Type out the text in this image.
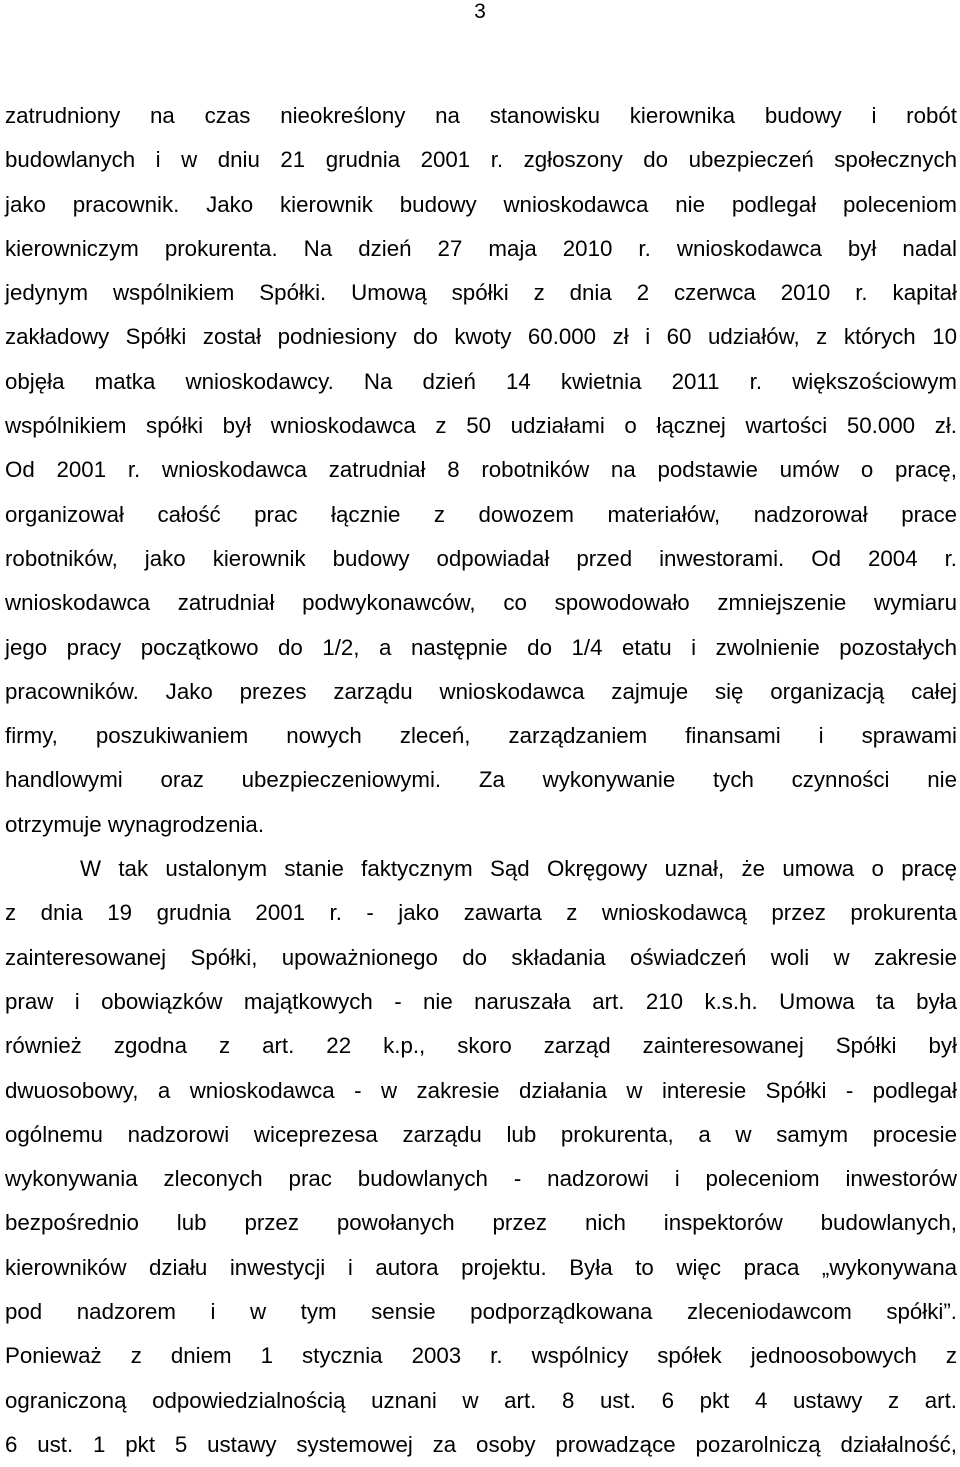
3
zatrudniony na czas nieokreślony na stanowisku kierownika budowy i robót
budowlanych i w dniu 21 grudnia 2001 r. zgłoszony do ubezpieczeń społecznych
jako pracownik. Jako kierownik budowy wnioskodawca nie podlegał poleceniom
kierowniczym prokurenta. Na dzień 27 maja 2010 r. wnioskodawca był nadal
jedynym wspólnikiem Spółki. Umową spółki z dnia 2 czerwca 2010 r. kapitał
zakładowy Spółki został podniesiony do kwoty 60.000 zł i 60 udziałów, z których 10
objęła matka wnioskodawcy. Na dzień 14 kwietnia 2011 r. większościowym
wspólnikiem spółki był wnioskodawca z 50 udziałami o łącznej wartości 50.000 zł.
Od 2001 r. wnioskodawca zatrudniał 8 robotników na podstawie umów o pracę,
organizował całość prac łącznie z dowozem materiałów, nadzorował prace
robotników, jako kierownik budowy odpowiadał przed inwestorami. Od 2004 r.
wnioskodawca zatrudniał podwykonawców, co spowodowało zmniejszenie wymiaru
jego pracy początkowo do 1/2, a następnie do 1/4 etatu i zwolnienie pozostałych
pracowników. Jako prezes zarządu wnioskodawca zajmuje się organizacją całej
firmy, poszukiwaniem nowych zleceń, zarządzaniem finansami i sprawami
handlowymi oraz ubezpieczeniowymi. Za wykonywanie tych czynności nie
otrzymuje wynagrodzenia.
W tak ustalonym stanie faktycznym Sąd Okręgowy uznał, że umowa o pracę
z dnia 19 grudnia 2001 r. - jako zawarta z wnioskodawcą przez prokurenta
zainteresowanej Spółki, upoważnionego do składania oświadczeń woli w zakresie
praw i obowiązków majątkowych - nie naruszała art. 210 k.s.h. Umowa ta była
również zgodna z art. 22 k.p., skoro zarząd zainteresowanej Spółki był
dwuosobowy, a wnioskodawca - w zakresie działania w interesie Spółki - podlegał
ogólnemu nadzorowi wiceprezesa zarządu lub prokurenta, a w samym procesie
wykonywania zleconych prac budowlanych - nadzorowi i poleceniom inwestorów
bezpośrednio lub przez powołanych przez nich inspektorów budowlanych,
kierowników działu inwestycji i autora projektu. Była to więc praca „wykonywana
pod nadzorem i w tym sensie podporządkowana zleceniodawcom spółki”.
Ponieważ z dniem 1 stycznia 2003 r. wspólnicy spółek jednoosobowych z
ograniczoną odpowiedzialnością uznani w art. 8 ust. 6 pkt 4 ustawy z art.
6 ust. 1 pkt 5 ustawy systemowej za osoby prowadzące pozarolniczą działalność,
